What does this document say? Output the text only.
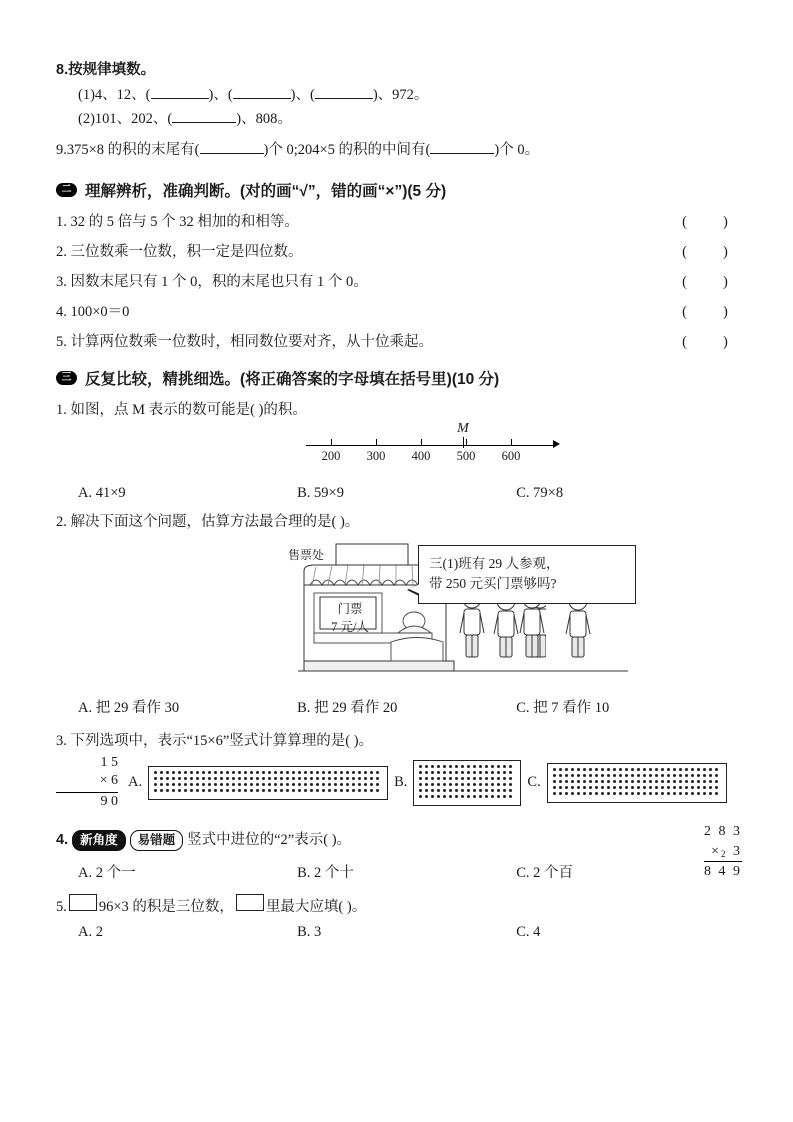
8.按规律填数。
(1)4、12、(	)、(	)、(	)、972。
(2)101、202、(	)、808。
9.375×8 的积的末尾有(	)个 0;204×5 的积的中间有(	)个 0。
二 理解辨析，准确判断。(对的画“√”，错的画“×”)(5 分)
1. 32 的 5 倍与 5 个 32 相加的和相等。	( )
2. 三位数乘一位数，积一定是四位数。	( )
3. 因数末尾只有 1 个 0，积的末尾也只有 1 个 0。	( )
4. 100×0＝0	( )
5. 计算两位数乘一位数时，相同数位要对齐，从十位乘起。	( )
三 反复比较，精挑细选。(将正确答案的字母填在括号里)(10 分)
1. 如图，点 M 表示的数可能是( )的积。
200 300 400 500 600
M
A. 41×9	B. 59×9	C. 79×8
2. 解决下面这个问题，估算方法最合理的是( )。
售票处
门票
7 元/人
三(1)班有 29 人参观，
带 250 元买门票够吗?
A. 把 29 看作 30	B. 把 29 看作 20	C. 把 7 看作 10
3. 下列选项中，表示“15×6”竖式计算算理的是( )。
1 5
× 6
9 0
A.	B.	C.
4. 新角度	易错题 竖式中进位的“2”表示( )。
2 8 3
$\times_2$ 3
8 4 9
A. 2 个一	B. 2 个十	C. 2 个百
5. 96×3 的积是三位数， 里最大应填( )。
A. 2	B. 3	C. 4
